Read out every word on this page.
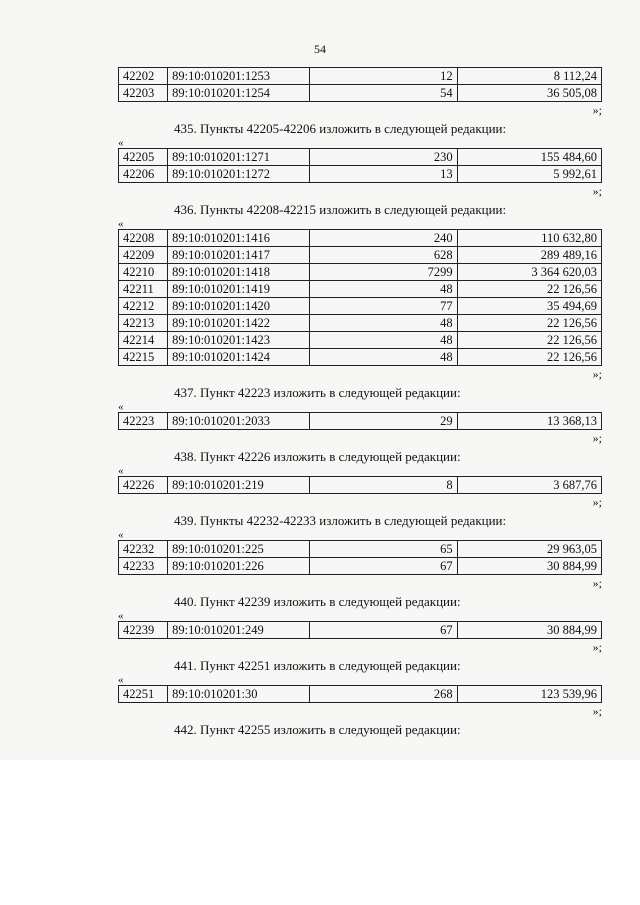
54
42202	89:10:010201:1253	12	8 112,24
42203	89:10:010201:1254	54	36 505,08
»;
435. Пункты 42205-42206 изложить в следующей редакции:
«
42205	89:10:010201:1271	230	155 484,60
42206	89:10:010201:1272	13	5 992,61
»;
436. Пункты 42208-42215 изложить в следующей редакции:
«
42208	89:10:010201:1416	240	110 632,80
42209	89:10:010201:1417	628	289 489,16
42210	89:10:010201:1418	7299	3 364 620,03
42211	89:10:010201:1419	48	22 126,56
42212	89:10:010201:1420	77	35 494,69
42213	89:10:010201:1422	48	22 126,56
42214	89:10:010201:1423	48	22 126,56
42215	89:10:010201:1424	48	22 126,56
»;
437. Пункт 42223 изложить в следующей редакции:
«
42223	89:10:010201:2033	29	13 368,13
»;
438. Пункт 42226 изложить в следующей редакции:
«
42226	89:10:010201:219	8	3 687,76
»;
439. Пункты 42232-42233 изложить в следующей редакции:
«
42232	89:10:010201:225	65	29 963,05
42233	89:10:010201:226	67	30 884,99
»;
440. Пункт 42239 изложить в следующей редакции:
«
42239	89:10:010201:249	67	30 884,99
»;
441. Пункт 42251 изложить в следующей редакции:
«
42251	89:10:010201:30	268	123 539,96
»;
442. Пункт 42255 изложить в следующей редакции:
